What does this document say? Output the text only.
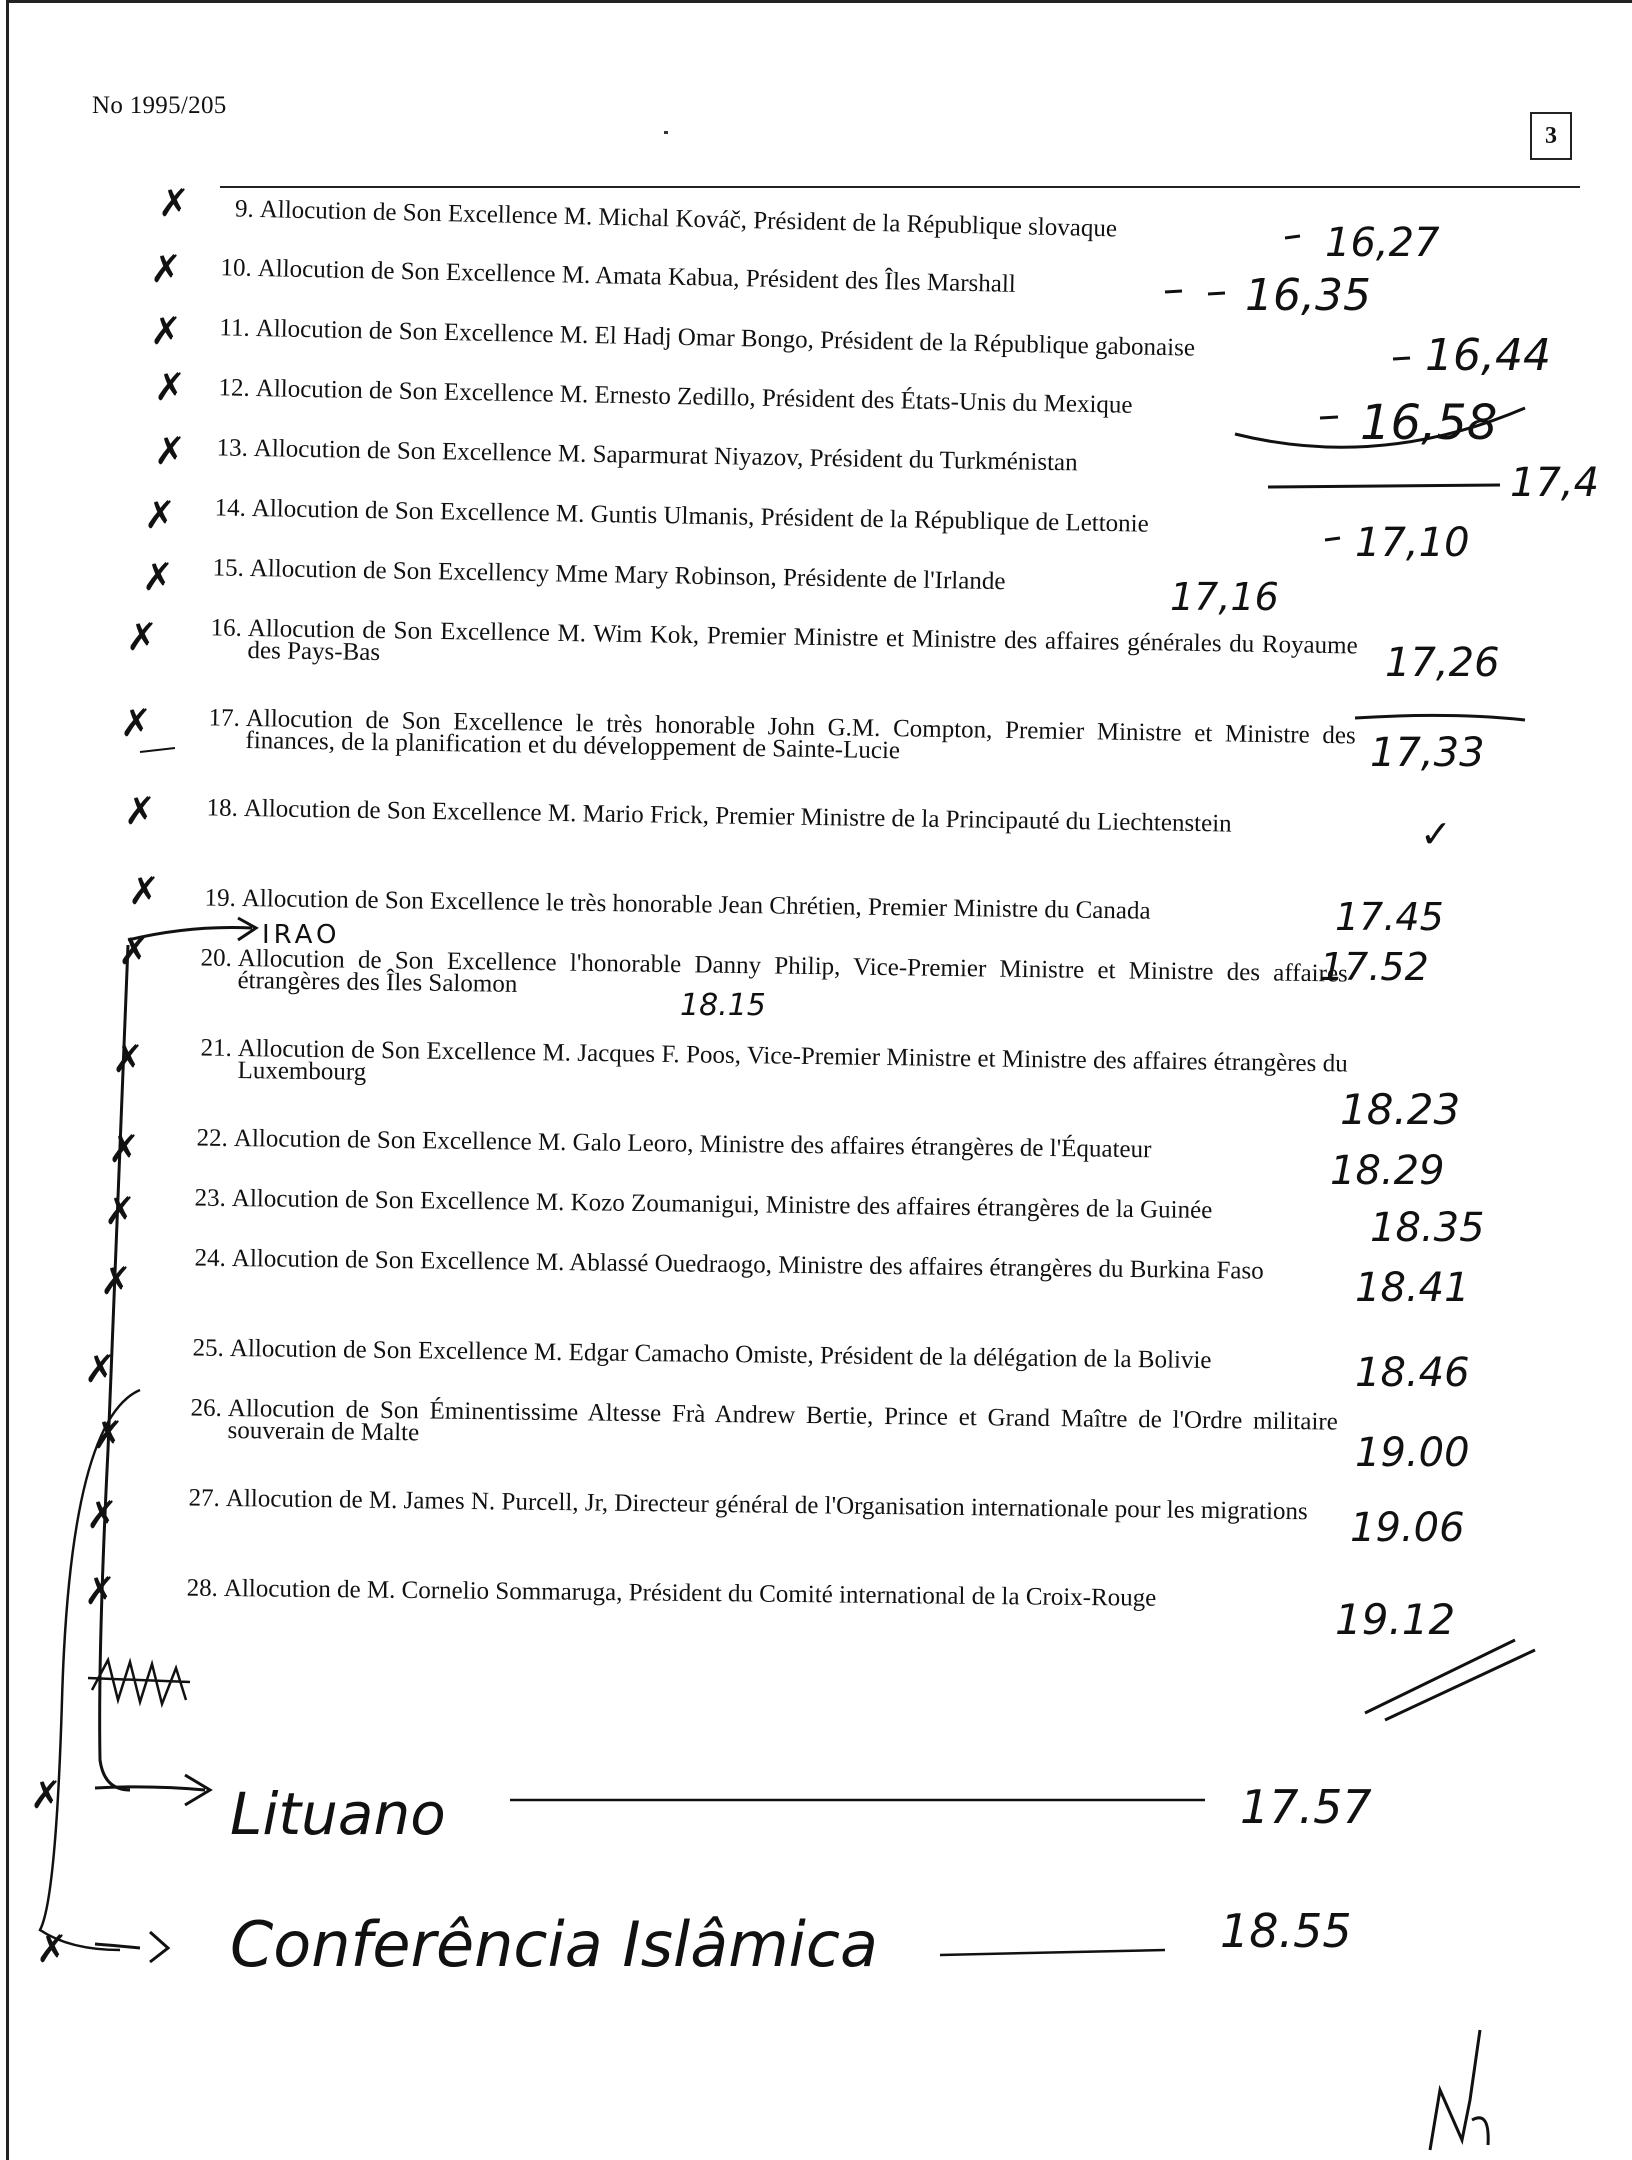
No 1995/205
3
9. Allocution de Son Excellence M. Michal Kováč, Président de la République slovaque
10. Allocution de Son Excellence M. Amata Kabua, Président des Îles Marshall
11. Allocution de Son Excellence M. El Hadj Omar Bongo, Président de la République gabonaise
12. Allocution de Son Excellence M. Ernesto Zedillo, Président des États-Unis du Mexique
13. Allocution de Son Excellence M. Saparmurat Niyazov, Président du Turkménistan
14. Allocution de Son Excellence M. Guntis Ulmanis, Président de la République de Lettonie
15. Allocution de Son Excellency Mme Mary Robinson, Présidente de l'Irlande
16. Allocution de Son Excellence M. Wim Kok, Premier Ministre et Ministre des affaires générales du Royaume des Pays-Bas
17. Allocution de Son Excellence le très honorable John G.M. Compton, Premier Ministre et Ministre des finances, de la planification et du développement de Sainte-Lucie
18. Allocution de Son Excellence M. Mario Frick, Premier Ministre de la Principauté du Liechtenstein
19. Allocution de Son Excellence le très honorable Jean Chrétien, Premier Ministre du Canada
20. Allocution de Son Excellence l'honorable Danny Philip, Vice-Premier Ministre et Ministre des affaires étrangères des Îles Salomon
21. Allocution de Son Excellence M. Jacques F. Poos, Vice-Premier Ministre et Ministre des affaires étrangères du Luxembourg
22. Allocution de Son Excellence M. Galo Leoro, Ministre des affaires étrangères de l'Équateur
23. Allocution de Son Excellence M. Kozo Zoumanigui, Ministre des affaires étrangères de la Guinée
24. Allocution de Son Excellence M. Ablassé Ouedraogo, Ministre des affaires étrangères du Burkina Faso
25. Allocution de Son Excellence M. Edgar Camacho Omiste, Président de la délégation de la Bolivie
26. Allocution de Son Éminentissime Altesse Frà Andrew Bertie, Prince et Grand Maître de l'Ordre militaire souverain de Malte
27. Allocution de M. James N. Purcell, Jr, Directeur général de l'Organisation internationale pour les migrations
28. Allocution de M. Cornelio Sommaruga, Président du Comité international de la Croix-Rouge
16,27
16,35
16,44
16,58
17,4
17,10
17,16
17,26
17,33
✓
17.45
17.52
18.23
18.29
18.35
18.41
18.46
19.00
19.06
19.12
IRAO
18.15
Lituano	17.57
Conferência Islâmica	18.55
✗
✗
✗
✗
✗
✗
✗
✗
✗
✗
✗
✗
✗
✗
✗
✗
✗
✗
✗
✗
✗
✗
